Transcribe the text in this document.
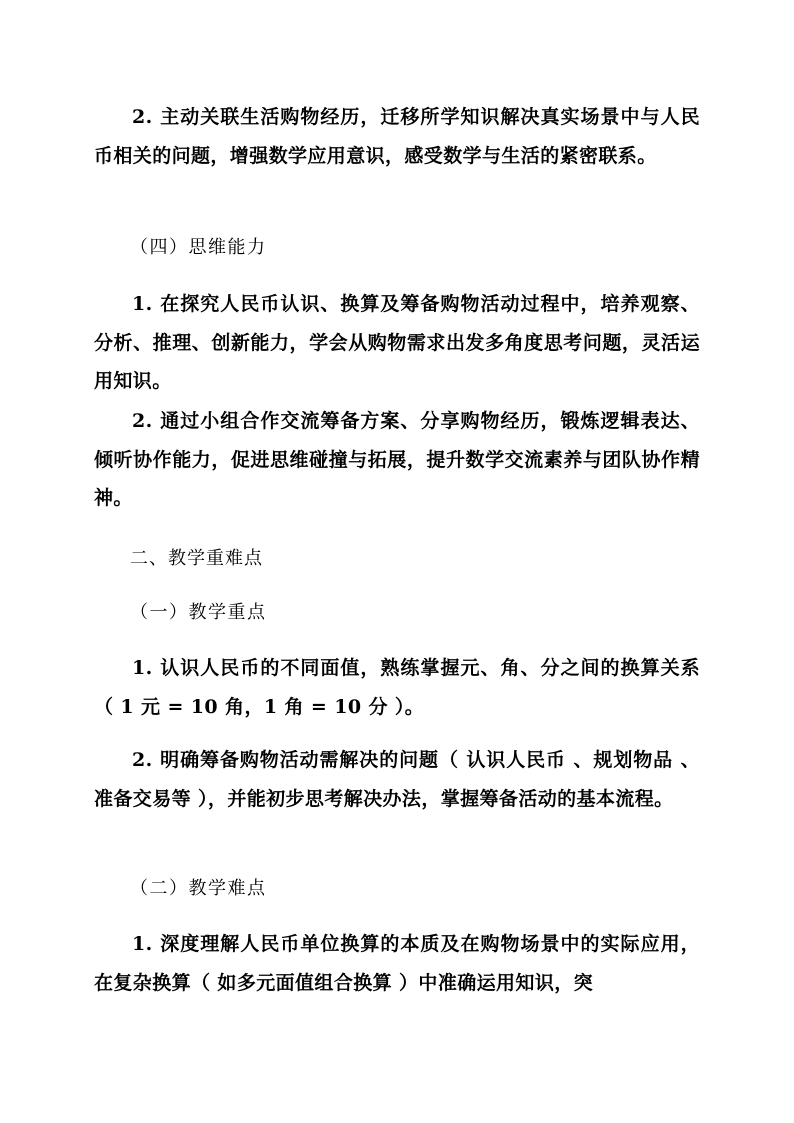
2. 主动关联生活购物经历，迁移所学知识解决真实场景中与人民币相关的问题，增强数学应用意识，感受数学与生活的紧密联系。

（四）思维能力

1. 在探究人民币认识、换算及筹备购物活动过程中，培养观察、分析、推理、创新能力，学会从购物需求出发多角度思考问题，灵活运用知识。

2. 通过小组合作交流筹备方案、分享购物经历，锻炼逻辑表达、倾听协作能力，促进思维碰撞与拓展，提升数学交流素养与团队协作精神。

二、教学重难点

（一）教学重点

1. 认识人民币的不同面值，熟练掌握元、角、分之间的换算关系（ 1 元 = 10 角，1 角 = 10 分 ）。

2. 明确筹备购物活动需解决的问题（ 认识人民币 、规划物品 、准备交易等 ），并能初步思考解决办法，掌握筹备活动的基本流程。

（二）教学难点

1. 深度理解人民币单位换算的本质及在购物场景中的实际应用，在复杂换算（ 如多元面值组合换算 ）中准确运用知识，突
